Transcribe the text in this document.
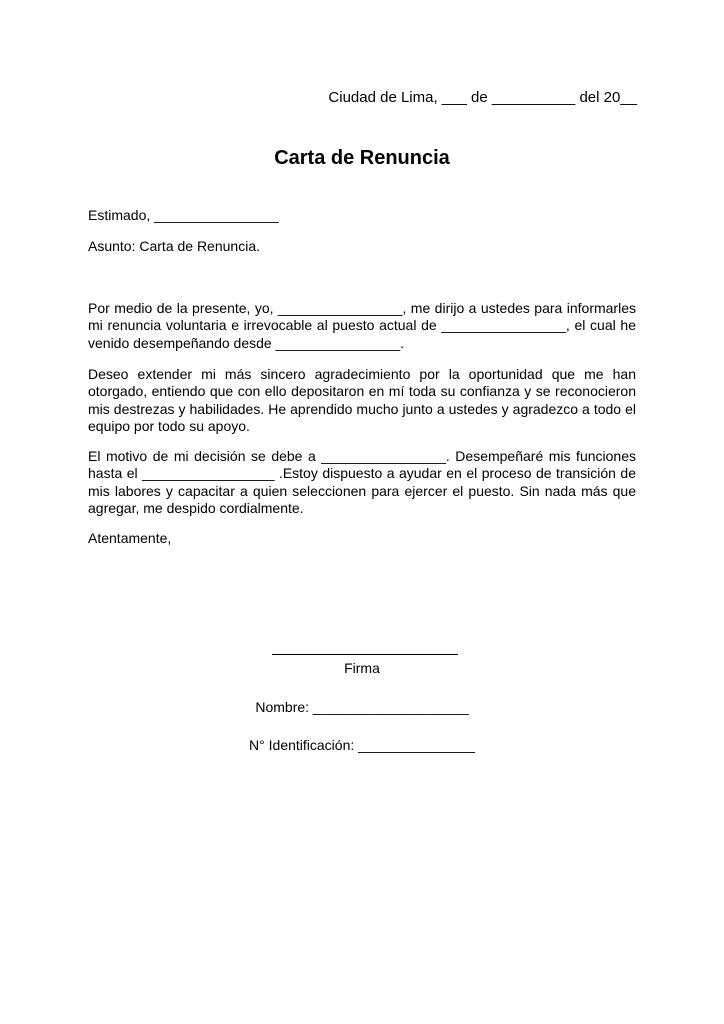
Ciudad de Lima, ___ de __________ del 20__
Carta de Renuncia
Estimado, ________________
Asunto: Carta de Renuncia.
Por medio de la presente, yo, ________________, me dirijo a ustedes para informarles mi renuncia voluntaria e irrevocable al puesto actual de ________________, el cual he venido desempeñando desde ________________.
Deseo extender mi más sincero agradecimiento por la oportunidad que me han otorgado, entiendo que con ello depositaron en mí toda su confianza y se reconocieron mis destrezas y habilidades. He aprendido mucho junto a ustedes y agradezco a todo el equipo por todo su apoyo.
El motivo de mi decisión se debe a ________________. Desempeñaré mis funciones hasta el _________________ .Estoy dispuesto a ayudar en el proceso de transición de mis labores y capacitar a quien seleccionen para ejercer el puesto. Sin nada más que agregar, me despido cordialmente.
Atentamente,
Firma
Nombre: ____________________
N° Identificación: _______________
